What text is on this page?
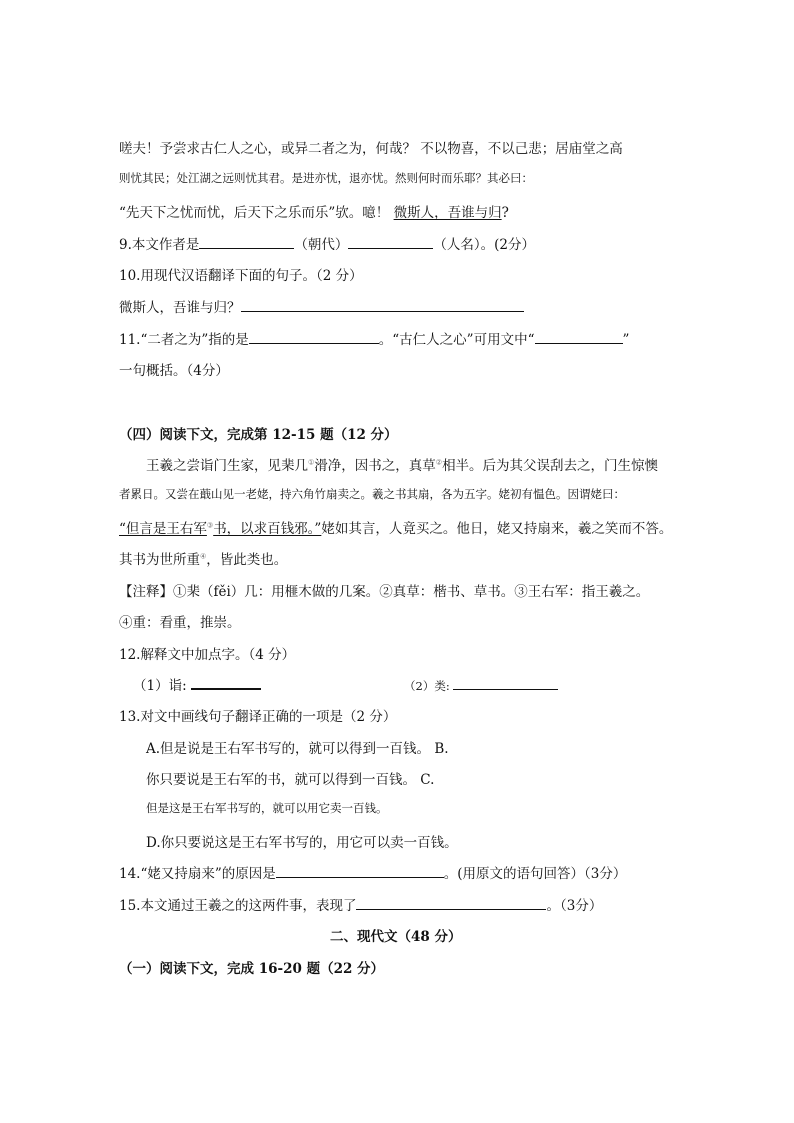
嗟夫！予尝求古仁人之心，或异二者之为，何哉？ 不以物喜，不以己悲；居庙堂之高
则忧其民；处江湖之远则忧其君。是进亦忧，退亦忧。然则何时而乐耶？其必曰：
“先天下之忧而忧，后天下之乐而乐”欤。噫！ 微斯人，吾谁与归?
9.本文作者是	（朝代）	（人名）。(2分）
10.用现代汉语翻译下面的句子。（2 分）
微斯人，吾谁与归？
11.“二者之为”指的是	。“古仁人之心”可用文中“	”
一句概括。（4分）
（四）阅读下文，完成第 12-15 题（12 分）
王羲之尝诣门生家，见棐几①滑净，因书之，真草②相半。后为其父误刮去之，门生惊懊
者累日。又尝在蕺山见一老姥，持六角竹扇卖之。羲之书其扇，各为五字。姥初有愠色。因谓姥曰：
“但言是王右军③书，以求百钱邪。”姥如其言，人竟买之。他日，姥又持扇来，羲之笑而不答。
其书为世所重④，皆此类也。
【注释】①棐（fěi）几：用榧木做的几案。②真草：楷书、草书。③王右军：指王羲之。
④重：看重，推崇。
12.解释文中加点字。（4 分）
（1）诣:	（2）类:
13.对文中画线句子翻译正确的一项是（2 分）
A.但是说是王右军书写的，就可以得到一百钱。 B.
你只要说是王右军的书，就可以得到一百钱。 C.
但是这是王右军书写的，就可以用它卖一百钱。
D.你只要说这是王右军书写的，用它可以卖一百钱。
14.“姥又持扇来”的原因是	。(用原文的语句回答）（3分）
15.本文通过王羲之的这两件事，表现了	。（3分）
二、现代文（48 分）
（一）阅读下文，完成 16-20 题（22 分）
